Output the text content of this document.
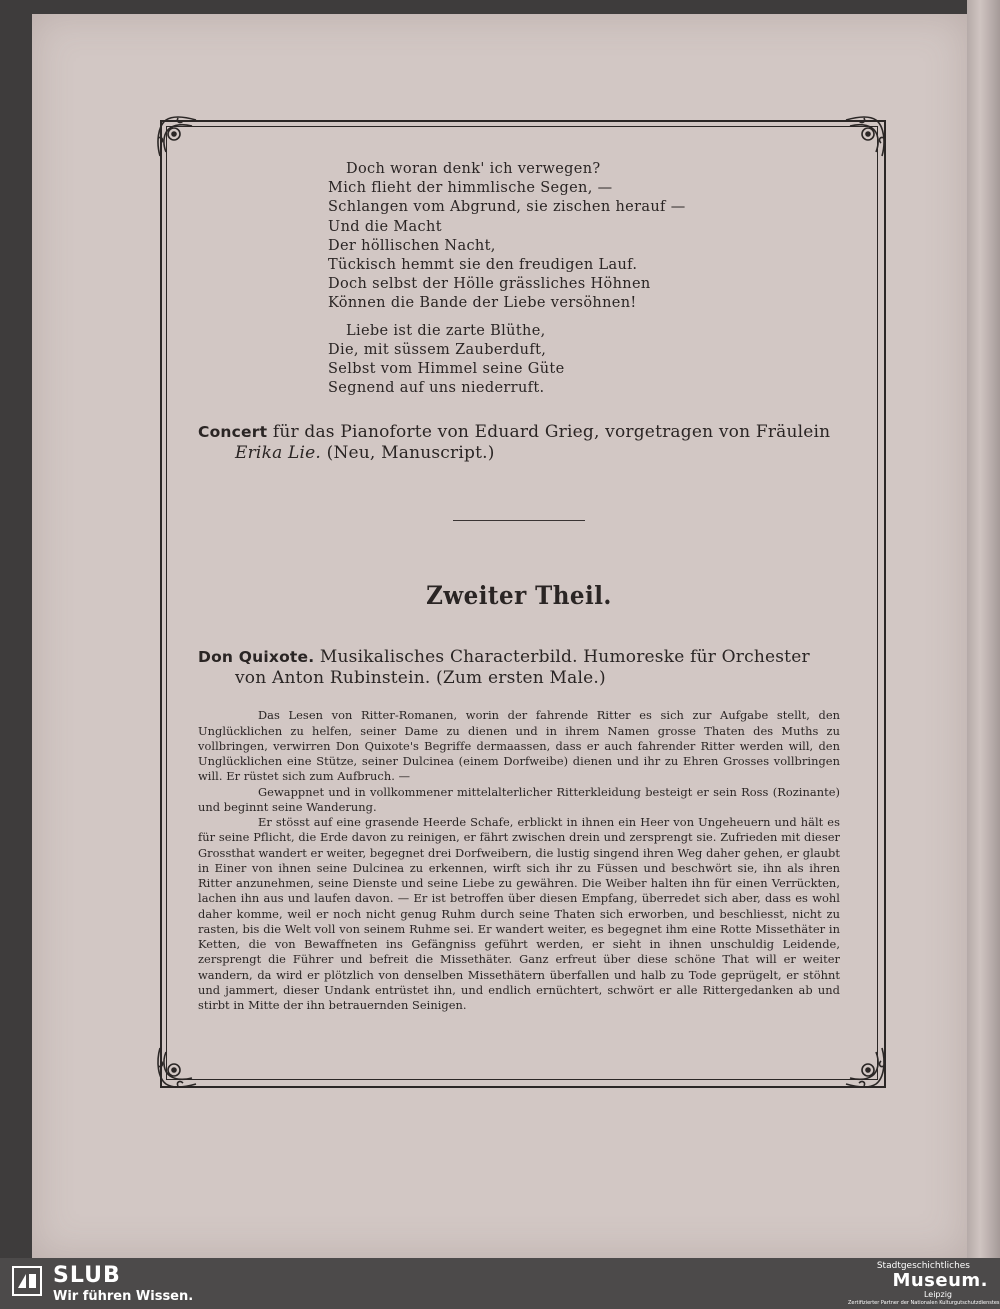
Doch woran denk' ich verwegen?
Mich flieht der himmlische Segen, —
Schlangen vom Abgrund, sie zischen herauf —
Und die Macht
Der höllischen Nacht,
Tückisch hemmt sie den freudigen Lauf.
Doch selbst der Hölle grässliches Höhnen
Können die Bande der Liebe versöhnen!
Liebe ist die zarte Blüthe,
Die, mit süssem Zauberduft,
Selbst vom Himmel seine Güte
Segnend auf uns niederruft.
Concert für das Pianoforte von Eduard Grieg, vorgetragen von Fräulein
Erika Lie. (Neu, Manuscript.)
Zweiter Theil.
Don Quixote. Musikalisches Characterbild. Humoreske für Orchester
von Anton Rubinstein. (Zum ersten Male.)

Das Lesen von Ritter-Romanen, worin der fahrende Ritter es sich zur Aufgabe stellt, den Unglücklichen zu helfen, seiner Dame zu dienen und in ihrem Namen grosse Thaten des Muths zu vollbringen, verwirren Don Quixote's Begriffe dermaassen, dass er auch fahrender Ritter werden will, den Unglücklichen eine Stütze, seiner Dulcinea (einem Dorfweibe) dienen und ihr zu Ehren Grosses vollbringen will. Er rüstet sich zum Aufbruch. —

Gewappnet und in vollkommener mittelalterlicher Ritterkleidung besteigt er sein Ross (Rozinante) und beginnt seine Wanderung.

Er stösst auf eine grasende Heerde Schafe, erblickt in ihnen ein Heer von Ungeheuern und hält es für seine Pflicht, die Erde davon zu reinigen, er fährt zwischen drein und zersprengt sie. Zufrieden mit dieser Grossthat wandert er weiter, begegnet drei Dorfweibern, die lustig singend ihren Weg daher gehen, er glaubt in Einer von ihnen seine Dulcinea zu erkennen, wirft sich ihr zu Füssen und beschwört sie, ihn als ihren Ritter anzunehmen, seine Dienste und seine Liebe zu gewähren. Die Weiber halten ihn für einen Verrückten, lachen ihn aus und laufen davon. — Er ist betroffen über diesen Empfang, überredet sich aber, dass es wohl daher komme, weil er noch nicht genug Ruhm durch seine Thaten sich erworben, und beschliesst, nicht zu rasten, bis die Welt voll von seinem Ruhme sei. Er wandert weiter, es begegnet ihm eine Rotte Missethäter in Ketten, die von Bewaffneten ins Gefängniss geführt werden, er sieht in ihnen unschuldig Leidende, zersprengt die Führer und befreit die Missethäter. Ganz erfreut über diese schöne That will er weiter wandern, da wird er plötzlich von denselben Missethätern überfallen und halb zu Tode geprügelt, er stöhnt und jammert, dieser Undank entrüstet ihn, und endlich ernüchtert, schwört er alle Rittergedanken ab und stirbt in Mitte der ihn betrauernden Seinigen.

SLUB
Wir führen Wissen.
Stadtgeschichtliches
Museum.
Leipzig
Zertifizierter Partner der Nationalen Kulturgutschutzdienstes
